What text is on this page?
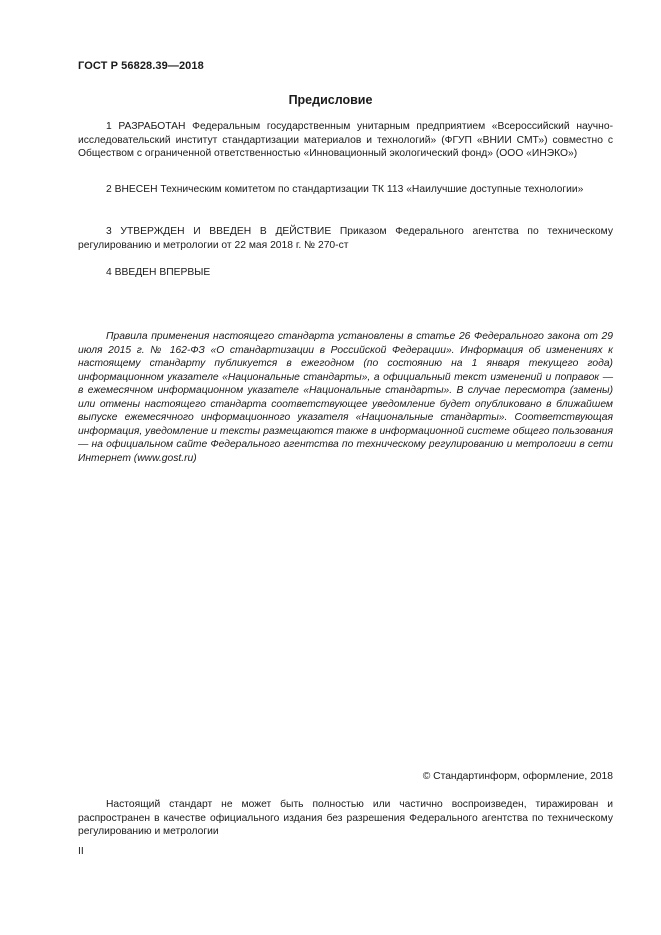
ГОСТ Р 56828.39—2018
Предисловие
1 РАЗРАБОТАН Федеральным государственным унитарным предприятием «Всероссийский научно-исследовательский институт стандартизации материалов и технологий» (ФГУП «ВНИИ СМТ») совместно с Обществом с ограниченной ответственностью «Инновационный экологический фонд» (ООО «ИНЭКО»)
2 ВНЕСЕН Техническим комитетом по стандартизации ТК 113 «Наилучшие доступные технологии»
3 УТВЕРЖДЕН И ВВЕДЕН В ДЕЙСТВИЕ Приказом Федерального агентства по техническому регулированию и метрологии от 22 мая 2018 г. № 270-ст
4 ВВЕДЕН ВПЕРВЫЕ
Правила применения настоящего стандарта установлены в статье 26 Федерального закона от 29 июля 2015 г. № 162-ФЗ «О стандартизации в Российской Федерации». Информация об изменениях к настоящему стандарту публикуется в ежегодном (по состоянию на 1 января текущего года) информационном указателе «Национальные стандарты», а официальный текст изменений и поправок — в ежемесячном информационном указателе «Национальные стандарты». В случае пересмотра (замены) или отмены настоящего стандарта соответствующее уведомление будет опубликовано в ближайшем выпуске ежемесячного информационного указателя «Национальные стандарты». Соответствующая информация, уведомление и тексты размещаются также в информационной системе общего пользования — на официальном сайте Федерального агентства по техническому регулированию и метрологии в сети Интернет (www.gost.ru)
© Стандартинформ, оформление, 2018
Настоящий стандарт не может быть полностью или частично воспроизведен, тиражирован и распространен в качестве официального издания без разрешения Федерального агентства по техническому регулированию и метрологии
II
